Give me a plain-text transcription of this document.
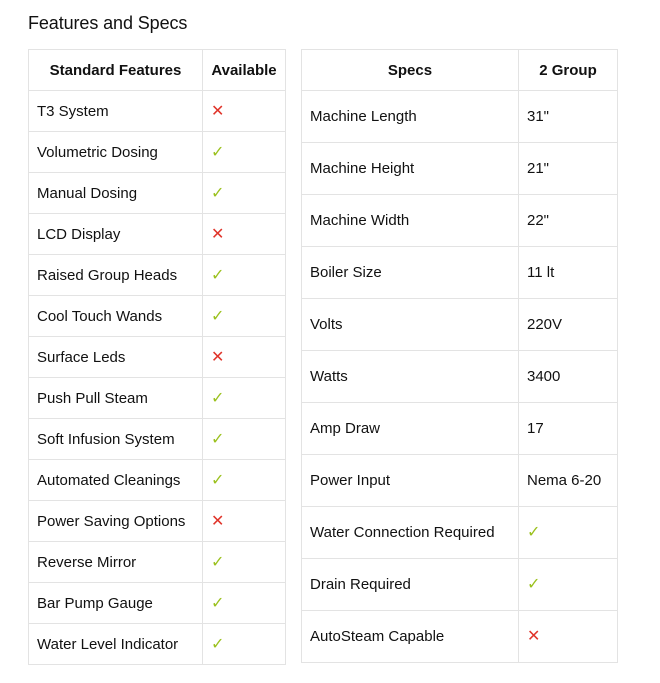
Features and Specs
Standard Features	Available
T3 System	✕
Volumetric Dosing	✓
Manual Dosing	✓
LCD Display	✕
Raised Group Heads	✓
Cool Touch Wands	✓
Surface Leds	✕
Push Pull Steam	✓
Soft Infusion System	✓
Automated Cleanings	✓
Power Saving Options	✕
Reverse Mirror	✓
Bar Pump Gauge	✓
Water Level Indicator	✓
Specs	2 Group
Machine Length	31"
Machine Height	21"
Machine Width	22"
Boiler Size	11 lt
Volts	220V
Watts	3400
Amp Draw	17
Power Input	Nema 6-20
Water Connection Required	✓
Drain Required	✓
AutoSteam Capable	✕
